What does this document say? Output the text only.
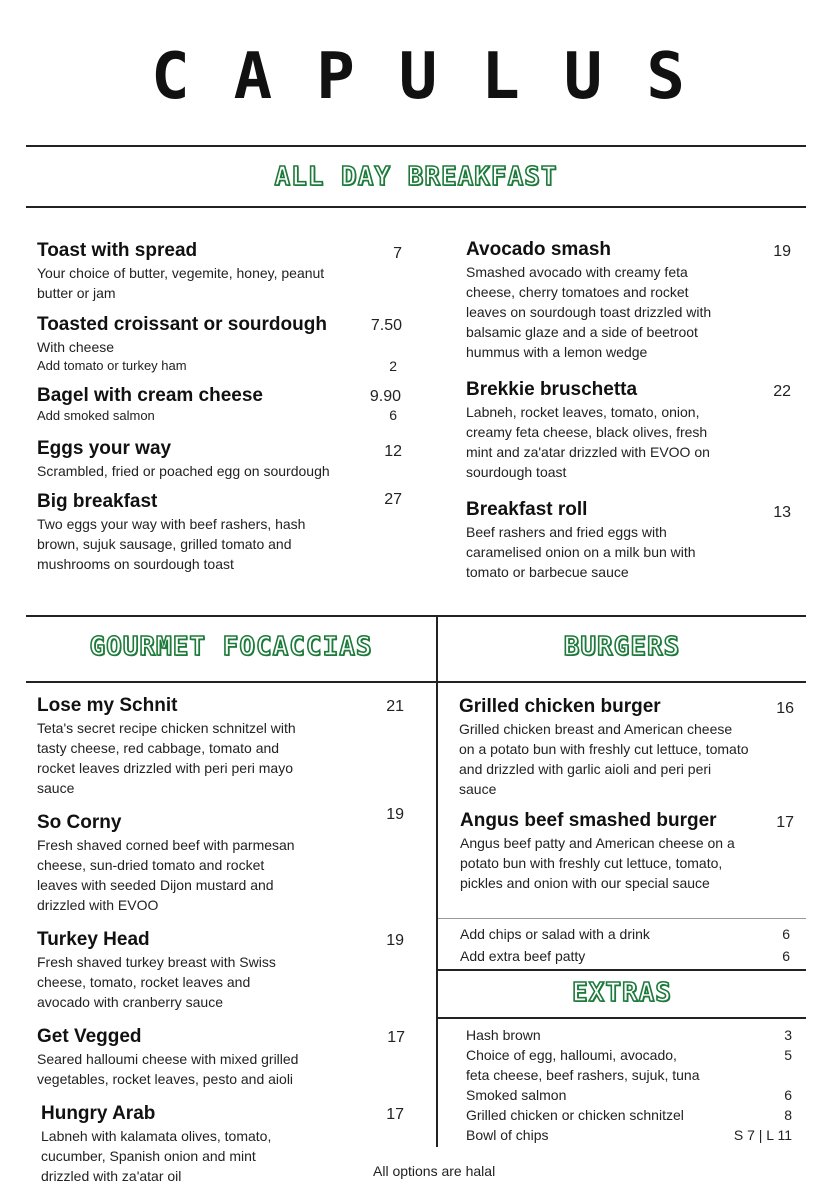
CAPULUS
ALL DAY BREAKFAST
Toast with spread
Your choice of butter, vegemite, honey, peanut butter or jam
7
Toasted croissant or sourdough
With cheese
Add tomato or turkey ham
7.50
2
Bagel with cream cheese
Add smoked salmon
9.90
6
Eggs your way
Scrambled, fried or poached egg on sourdough
12
Big breakfast
Two eggs your way with beef rashers, hash brown, sujuk sausage, grilled tomato and mushrooms on sourdough toast
27
Avocado smash
Smashed avocado with creamy feta cheese, cherry tomatoes and rocket leaves on sourdough toast drizzled with balsamic glaze and a side of beetroot hummus with a lemon wedge
19
Brekkie bruschetta
Labneh, rocket leaves, tomato, onion, creamy feta cheese, black olives, fresh mint and za'atar drizzled with EVOO on sourdough toast
22
Breakfast roll
Beef rashers and fried eggs with caramelised onion on a milk bun with tomato or barbecue sauce
13
GOURMET FOCACCIAS	BURGERS
Lose my Schnit
Teta's secret recipe chicken schnitzel with tasty cheese, red cabbage, tomato and rocket leaves drizzled with peri peri mayo sauce
21
So Corny
Fresh shaved corned beef with parmesan cheese, sun-dried tomato and rocket leaves with seeded Dijon mustard and drizzled with EVOO
19
Turkey Head
Fresh shaved turkey breast with Swiss cheese, tomato, rocket leaves and avocado with cranberry sauce
19
Get Vegged
Seared halloumi cheese with mixed grilled vegetables, rocket leaves, pesto and aioli
17
Hungry Arab
Labneh with kalamata olives, tomato, cucumber, Spanish onion and mint drizzled with za'atar oil
17
Grilled chicken burger
Grilled chicken breast and American cheese on a potato bun with freshly cut lettuce, tomato and drizzled with garlic aioli and peri peri sauce
16
Angus beef smashed burger
Angus beef patty and American cheese on a potato bun with freshly cut lettuce, tomato, pickles and onion with our special sauce
17
Add chips or salad with a drink	6
Add extra beef patty	6
EXTRAS
Hash brown	3
Choice of egg, halloumi, avocado,	5
feta cheese, beef rashers, sujuk, tuna
Smoked salmon	6
Grilled chicken or chicken schnitzel	8
Bowl of chips	S 7 | L 11
All options are halal
